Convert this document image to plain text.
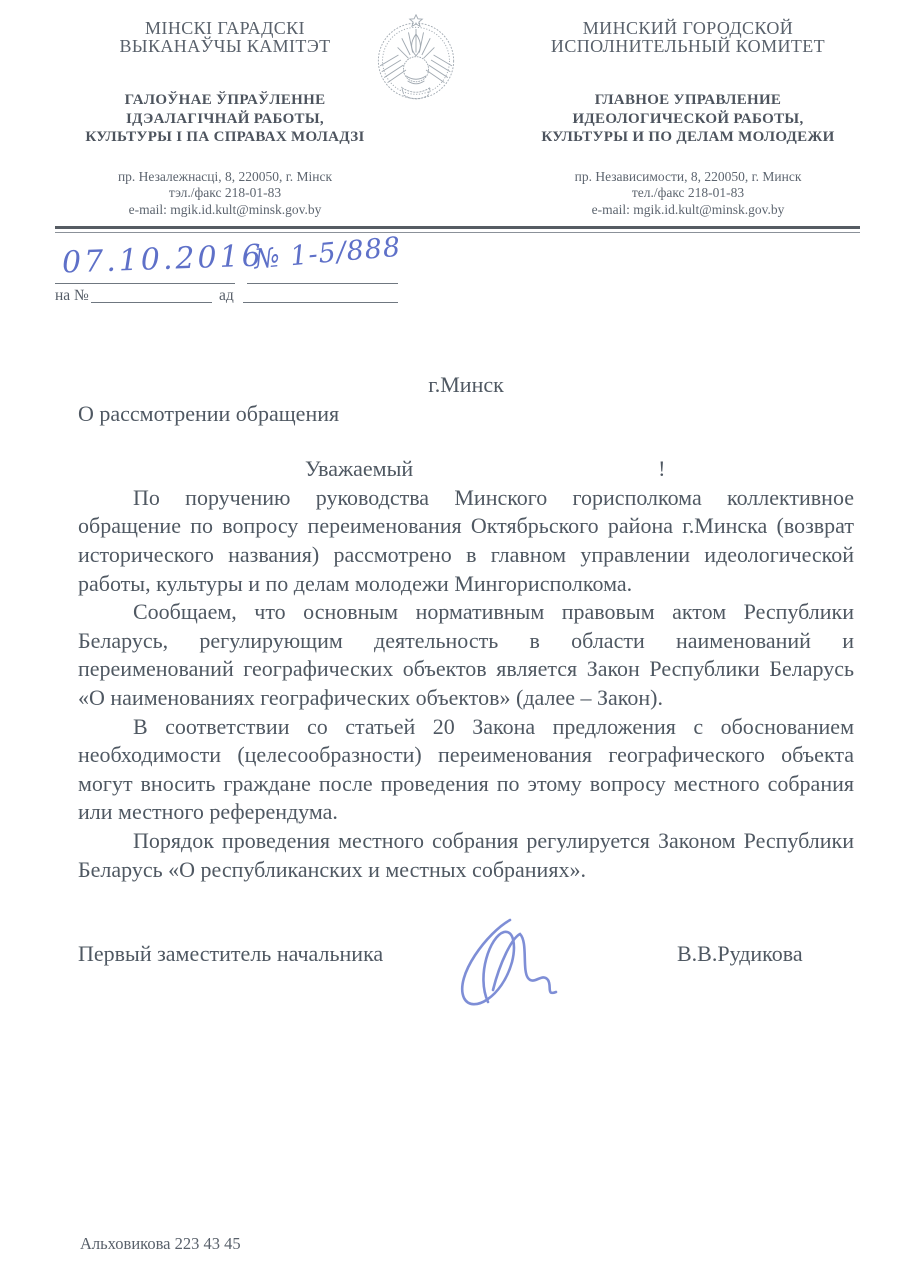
МІНСКІ ГАРАДСКІ
ВЫКАНАЎЧЫ КАМІТЭТ
ГАЛОЎНАЕ ЎПРАЎЛЕННЕ
ІДЭАЛАГІЧНАЙ РАБОТЫ,
КУЛЬТУРЫ І ПА СПРАВАХ МОЛАДЗІ
пр. Незалежнасці, 8, 220050, г. Мінск
тэл./факс 218-01-83
e-mail: mgik.id.kult@minsk.gov.by
МИНСКИЙ ГОРОДСКОЙ
ИСПОЛНИТЕЛЬНЫЙ КОМИТЕТ
ГЛАВНОЕ УПРАВЛЕНИЕ
ИДЕОЛОГИЧЕСКОЙ РАБОТЫ,
КУЛЬТУРЫ И ПО ДЕЛАМ МОЛОДЕЖИ
пр. Независимости, 8, 220050, г. Минск
тел./факс 218-01-83
e-mail: mgik.id.kult@minsk.gov.by
07.10.2016
№ 1-5/888
на №	ад
г.Минск
О рассмотрении обращения
Уважаемый	!

По поручению руководства Минского горисполкома коллективное обращение по вопросу переименования Октябрьского района г.Минска (возврат исторического названия) рассмотрено в главном управлении идеологической работы, культуры и по делам молодежи Мингорисполкома.

Сообщаем, что основным нормативным правовым актом Республики Беларусь, регулирующим деятельность в области наименований и переименований географических объектов является Закон Республики Беларусь «О наименованиях географических объектов» (далее – Закон).

В соответствии со статьей 20 Закона предложения с обоснованием необходимости (целесообразности) переименования географического объекта могут вносить граждане после проведения по этому вопросу местного собрания или местного референдума.

Порядок проведения местного собрания регулируется Законом Республики Беларусь «О республиканских и местных собраниях».

Первый заместитель начальника	В.В.Рудикова
Альховикова 223 43 45
